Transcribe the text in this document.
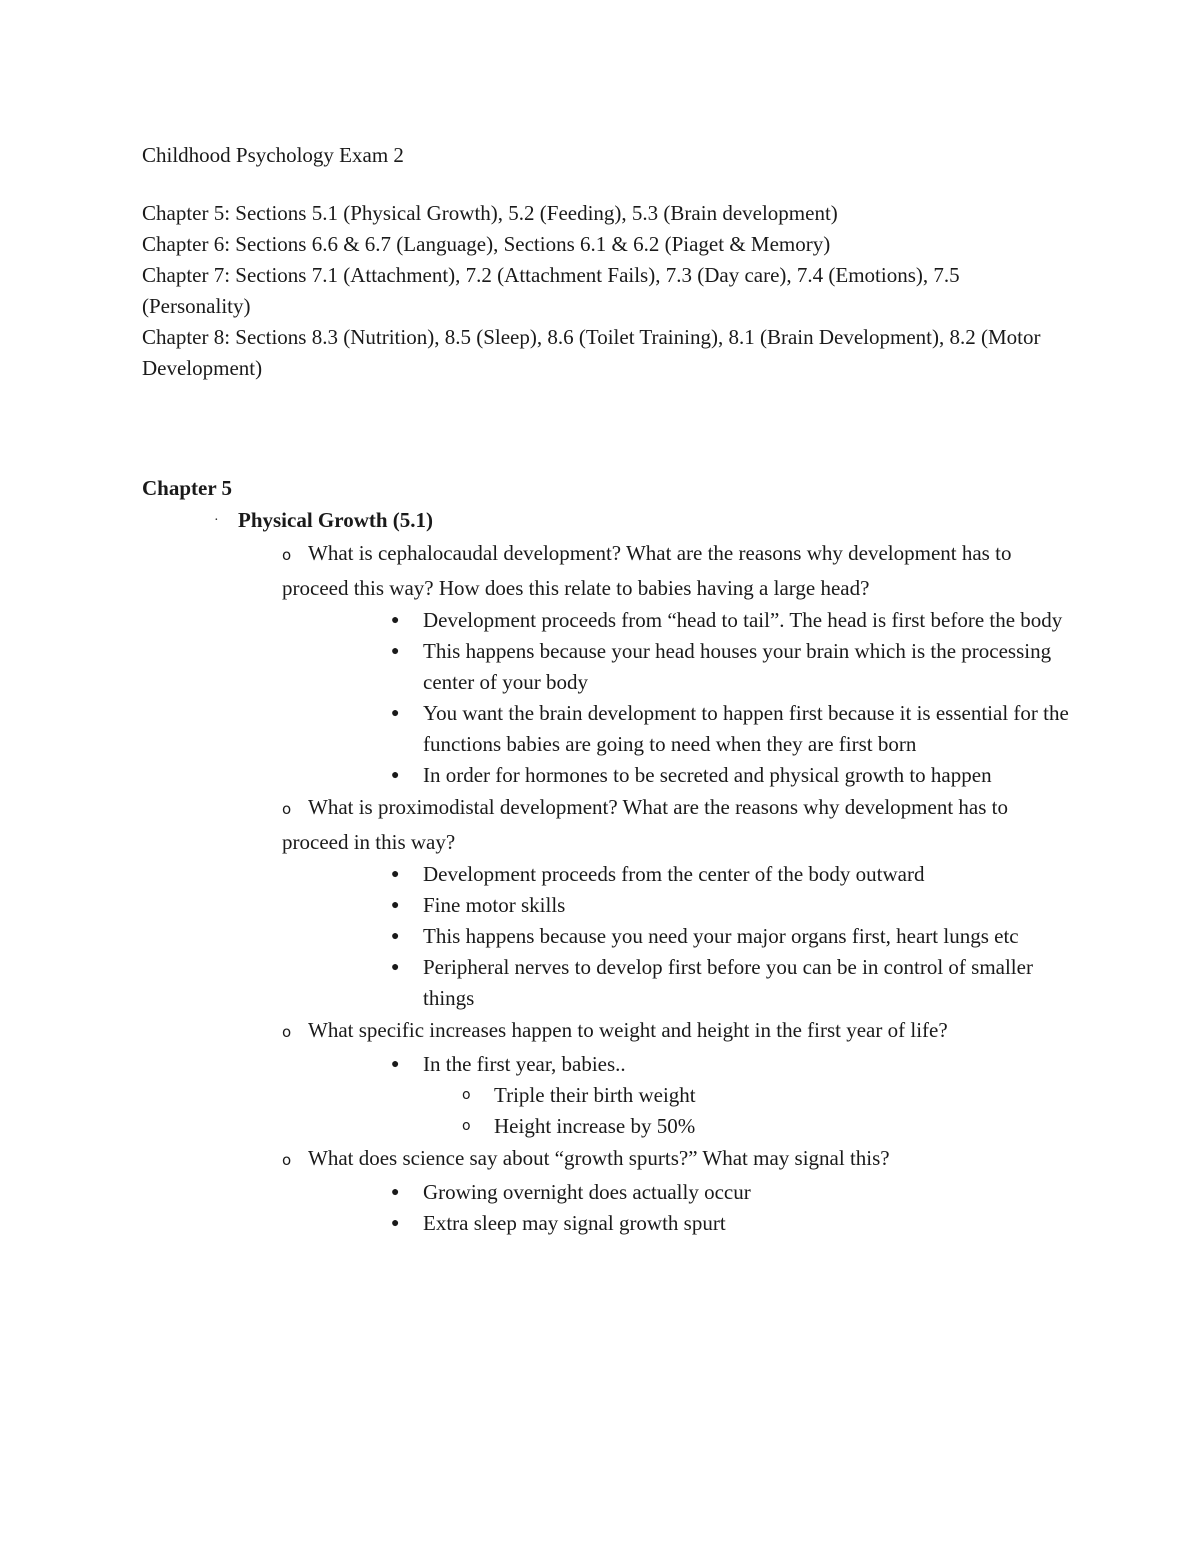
Childhood Psychology Exam 2
Chapter 5: Sections 5.1 (Physical Growth), 5.2 (Feeding), 5.3 (Brain development)
Chapter 6: Sections 6.6 & 6.7 (Language), Sections 6.1 & 6.2 (Piaget & Memory)
Chapter 7: Sections 7.1 (Attachment), 7.2 (Attachment Fails), 7.3 (Day care), 7.4 (Emotions), 7.5 (Personality)
Chapter 8: Sections 8.3 (Nutrition), 8.5 (Sleep), 8.6 (Toilet Training), 8.1 (Brain Development), 8.2 (Motor Development)
Chapter 5
· Physical Growth (5.1)
o What is cephalocaudal development? What are the reasons why development has to proceed this way? How does this relate to babies having a large head?
● Development proceeds from “head to tail”. The head is first before the body
● This happens because your head houses your brain which is the processing center of your body
● You want the brain development to happen first because it is essential for the functions babies are going to need when they are first born
● In order for hormones to be secreted and physical growth to happen
o What is proximodistal development? What are the reasons why development has to proceed in this way?
● Development proceeds from the center of the body outward
● Fine motor skills
● This happens because you need your major organs first, heart lungs etc
● Peripheral nerves to develop first before you can be in control of smaller things
o What specific increases happen to weight and height in the first year of life?
● In the first year, babies..
o Triple their birth weight
o Height increase by 50%
o What does science say about “growth spurts?” What may signal this?
● Growing overnight does actually occur
● Extra sleep may signal growth spurt
